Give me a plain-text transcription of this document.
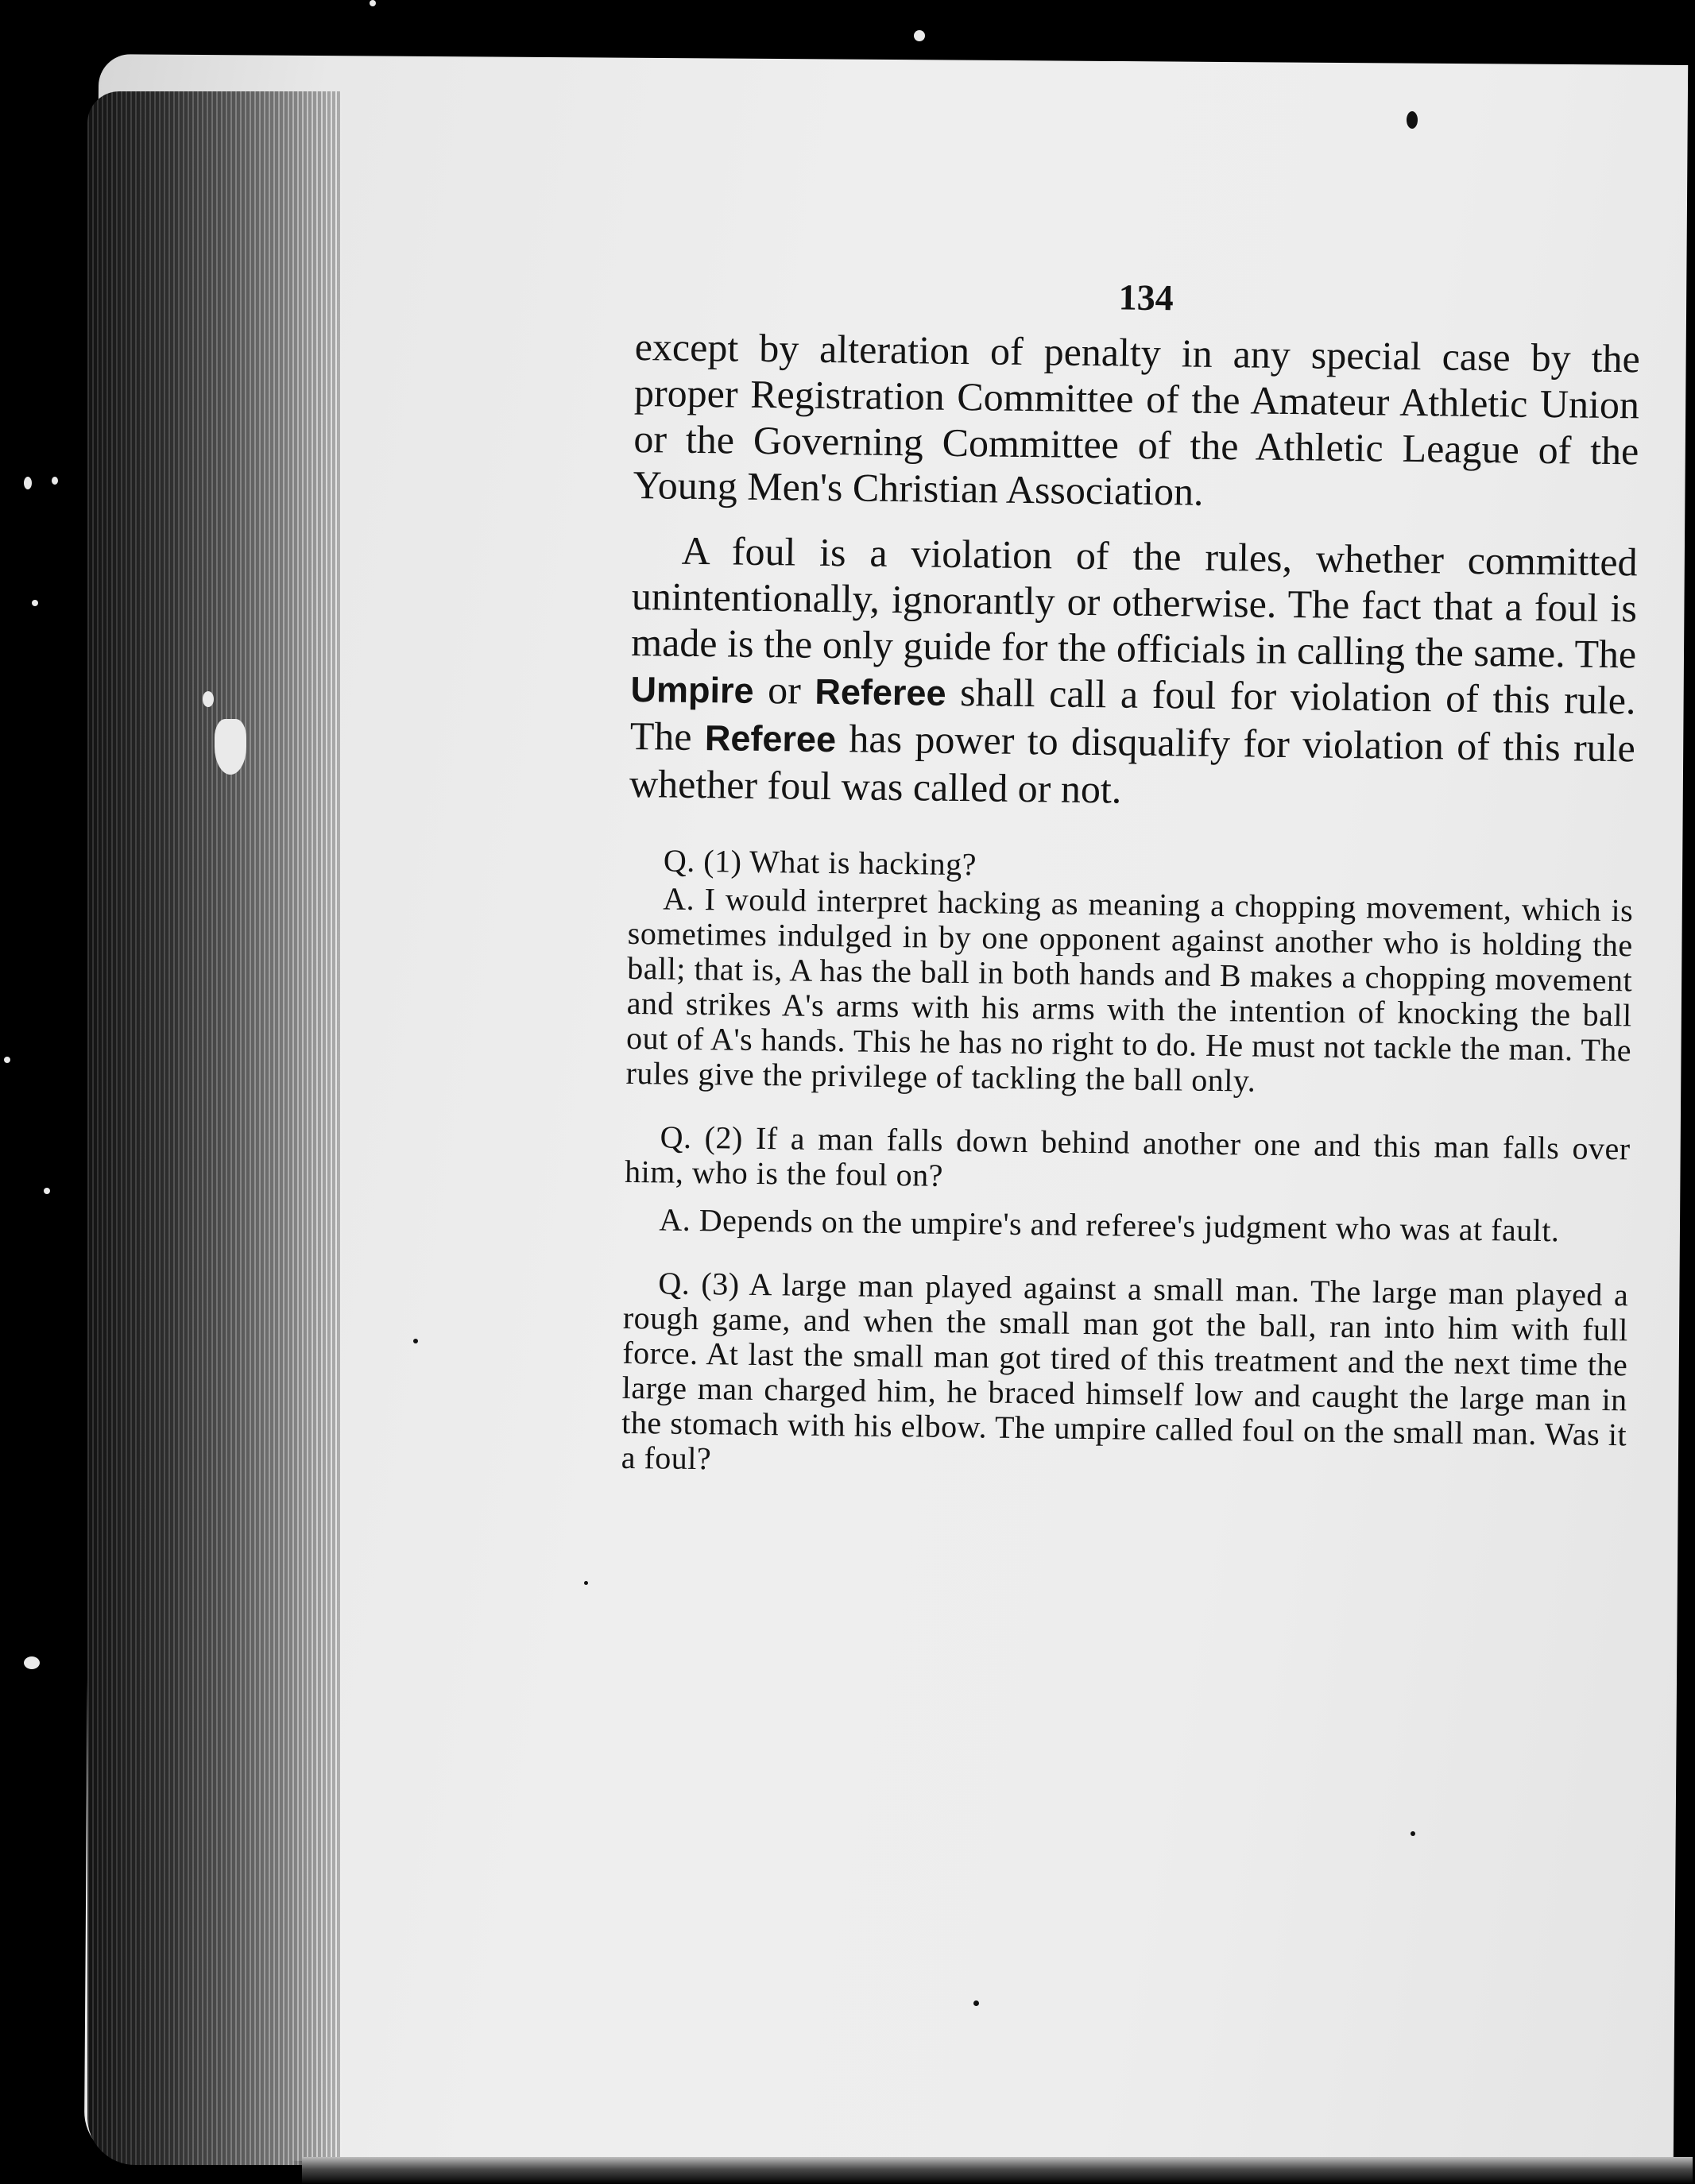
134

except by alteration of penalty in any special case by the proper Registration Committee of the Amateur Athletic Union or the Governing Committee of the Athletic League of the Young Men's Christian Association.

A foul is a violation of the rules, whether committed unintentionally, ignorantly or otherwise. The fact that a foul is made is the only guide for the officials in calling the same. The Umpire or Referee shall call a foul for violation of this rule. The Referee has power to disqualify for violation of this rule whether foul was called or not.

Q. (1) What is hacking?

A. I would interpret hacking as meaning a chopping movement, which is sometimes indulged in by one opponent against another who is holding the ball; that is, A has the ball in both hands and B makes a chopping movement and strikes A's arms with his arms with the intention of knocking the ball out of A's hands. This he has no right to do. He must not tackle the man. The rules give the privilege of tackling the ball only.

Q. (2) If a man falls down behind another one and this man falls over him, who is the foul on?

A. Depends on the umpire's and referee's judgment who was at fault.

Q. (3) A large man played against a small man. The large man played a rough game, and when the small man got the ball, ran into him with full force. At last the small man got tired of this treatment and the next time the large man charged him, he braced himself low and caught the large man in the stomach with his elbow. The umpire called foul on the small man. Was it a foul?
